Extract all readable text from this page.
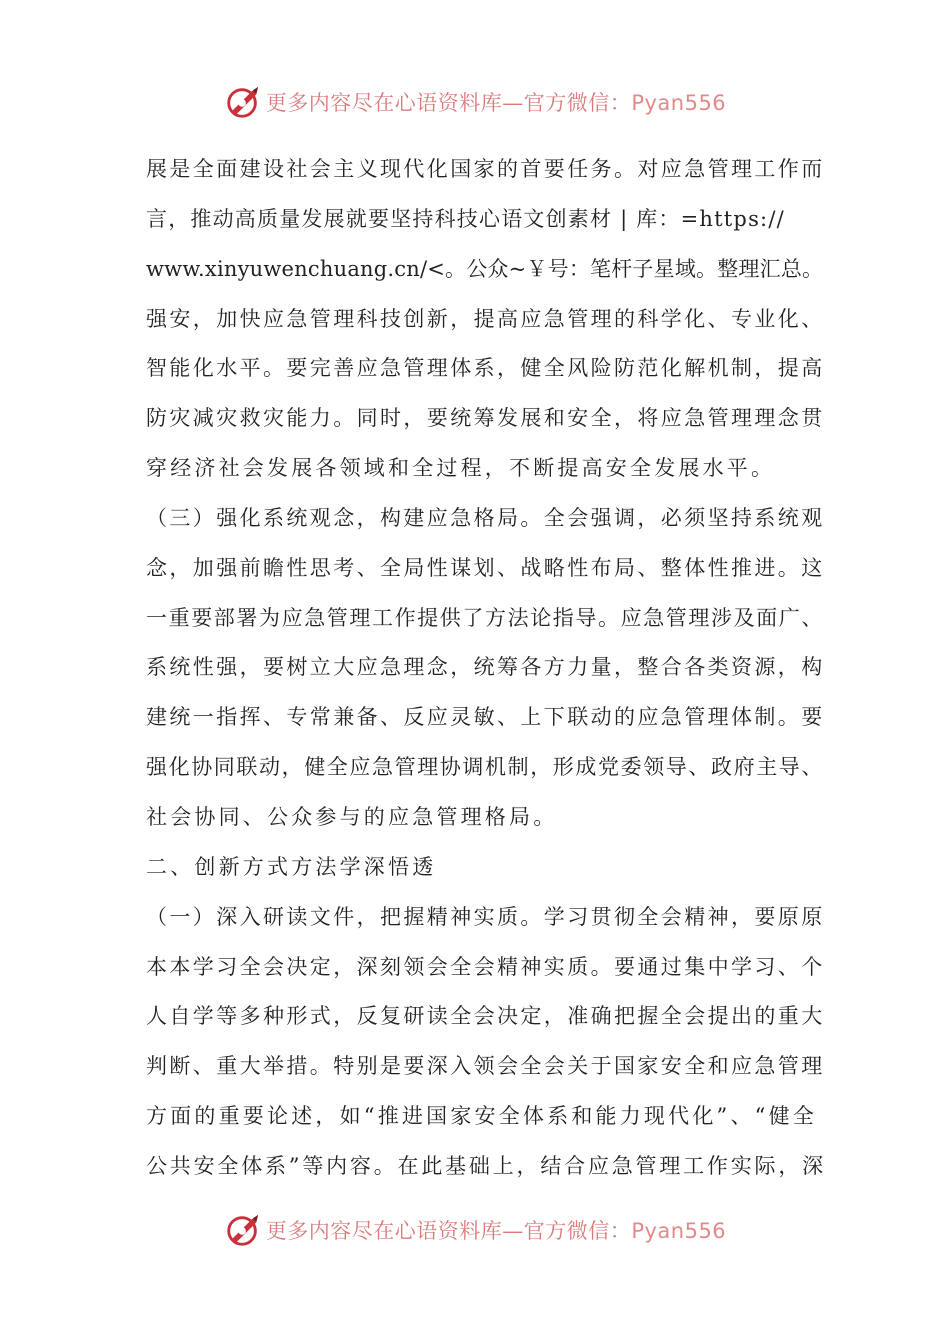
更多内容尽在心语资料库—官方微信：Pyan556
展是全面建设社会主义现代化国家的首要任务。对应急管理工作而
言，推动高质量发展就要坚持科技心语文创素材 | 库：=https://
www.xinyuwenchuang.cn/<。公众~￥号：笔杆子星域。整理汇总。
强安，加快应急管理科技创新，提高应急管理的科学化、专业化、
智能化水平。要完善应急管理体系，健全风险防范化解机制，提高
防灾减灾救灾能力。同时，要统筹发展和安全，将应急管理理念贯
穿经济社会发展各领域和全过程，不断提高安全发展水平。
（三）强化系统观念，构建应急格局。全会强调，必须坚持系统观
念，加强前瞻性思考、全局性谋划、战略性布局、整体性推进。这
一重要部署为应急管理工作提供了方法论指导。应急管理涉及面广、
系统性强，要树立大应急理念，统筹各方力量，整合各类资源，构
建统一指挥、专常兼备、反应灵敏、上下联动的应急管理体制。要
强化协同联动，健全应急管理协调机制，形成党委领导、政府主导、
社会协同、公众参与的应急管理格局。
二、创新方式方法学深悟透
（一）深入研读文件，把握精神实质。学习贯彻全会精神，要原原
本本学习全会决定，深刻领会全会精神实质。要通过集中学习、个
人自学等多种形式，反复研读全会决定，准确把握全会提出的重大
判断、重大举措。特别是要深入领会全会关于国家安全和应急管理
方面的重要论述，如“推进国家安全体系和能力现代化”、“健全
公共安全体系”等内容。在此基础上，结合应急管理工作实际，深
更多内容尽在心语资料库—官方微信：Pyan556
